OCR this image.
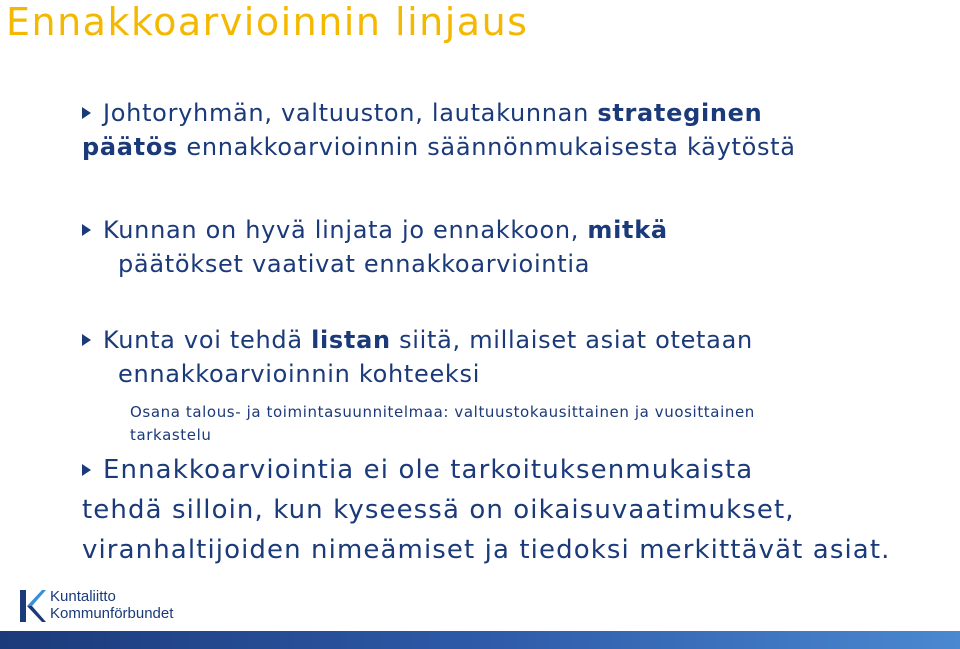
Ennakkoarvioinnin linjaus
Johtoryhmän, valtuuston, lautakunnan strateginen
päätös ennakkoarvioinnin säännönmukaisesta käytöstä
Kunnan on hyvä linjata jo ennakkoon, mitkä
päätökset vaativat ennakkoarviointia
Kunta voi tehdä listan siitä, millaiset asiat otetaan
ennakkoarvioinnin kohteeksi
Osana talous- ja toimintasuunnitelmaa: valtuustokausittainen ja vuosittainen
tarkastelu
Ennakkoarviointia ei ole tarkoituksenmukaista
tehdä silloin, kun kyseessä on oikaisuvaatimukset,
viranhaltijoiden nimeämiset ja tiedoksi merkittävät asiat.
Kuntaliitto
Kommunförbundet
